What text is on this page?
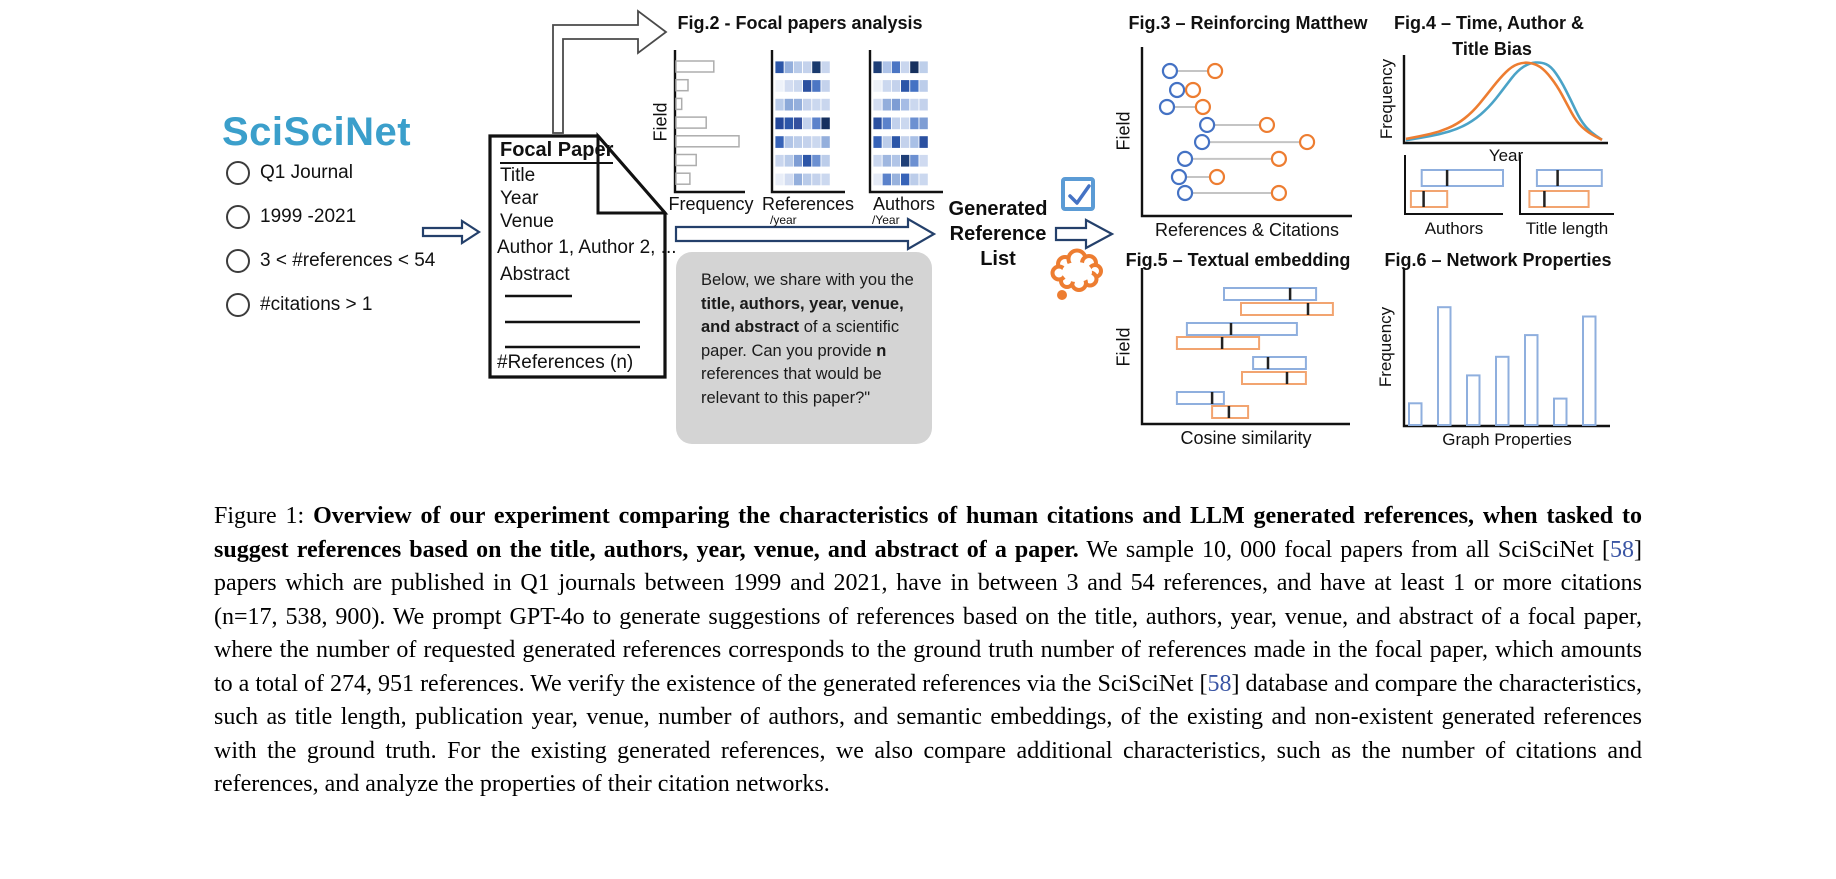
SciSciNet
Q1 Journal
1999 -2021
3 < #references < 54
#citations > 1
Focal Paper
Title
Year
Venue
Author 1, Author 2, ...
Abstract
#References (n)
Fig.2 - Focal papers analysis
Field
Frequency References
/year
Authors
/Year	Generated
Reference
List
Below, we share with you the title, authors, year, venue, and abstract of a scientific paper. Can you provide n references that would be relevant to this paper?"
Fig.3 – Reinforcing Matthew
Field
References & Citations
Fig.4 – Time, Author &
Title Bias
Frequency
Year
Authors Title length
Fig.5 – Textual embedding
Field
Cosine similarity
Fig.6 – Network Properties
Frequency
Graph Properties

Figure 1: Overview of our experiment comparing the characteristics of human citations and LLM generated references, when tasked to suggest references based on the title, authors, year, venue, and abstract of a paper. We sample 10, 000 focal papers from all SciSciNet [58] papers which are published in Q1 journals between 1999 and 2021, have in between 3 and 54 references, and have at least 1 or more citations (n=17, 538, 900). We prompt GPT-4o to generate suggestions of references based on the title, authors, year, venue, and abstract of a focal paper, where the number of requested generated references corresponds to the ground truth number of references made in the focal paper, which amounts to a total of 274, 951 references. We verify the existence of the generated references via the SciSciNet [58] database and compare the characteristics, such as title length, publication year, venue, number of authors, and semantic embeddings, of the existing and non-existent generated references with the ground truth. For the existing generated references, we also compare additional characteristics, such as the number of citations and references, and analyze the properties of their citation networks.
